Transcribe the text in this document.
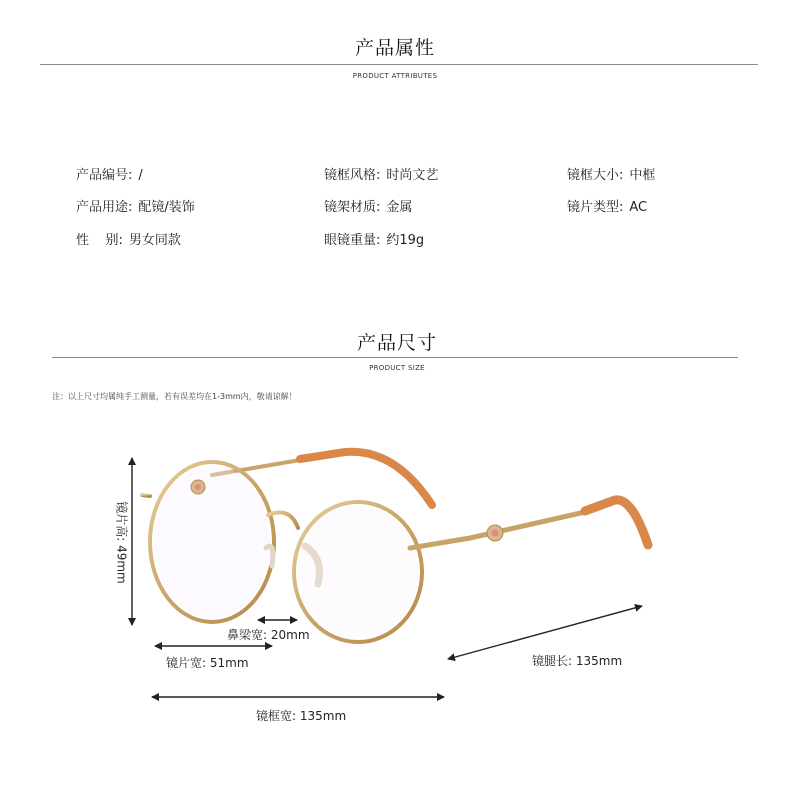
产品属性
PRODUCT ATTRIBUTES
产品编号: /	镜框风格: 时尚文艺	镜框大小: 中框
产品用途: 配镜/装饰	镜架材质: 金属	镜片类型: AC
性    别: 男女同款	眼镜重量: 约19g
产品尺寸
PRODUCT SIZE
注：以上尺寸均属纯手工测量，若有误差均在1-3mm内，敬请谅解！
镜片高: 49mm
鼻梁宽: 20mm
镜片宽: 51mm	镜腿长: 135mm
镜框宽: 135mm
